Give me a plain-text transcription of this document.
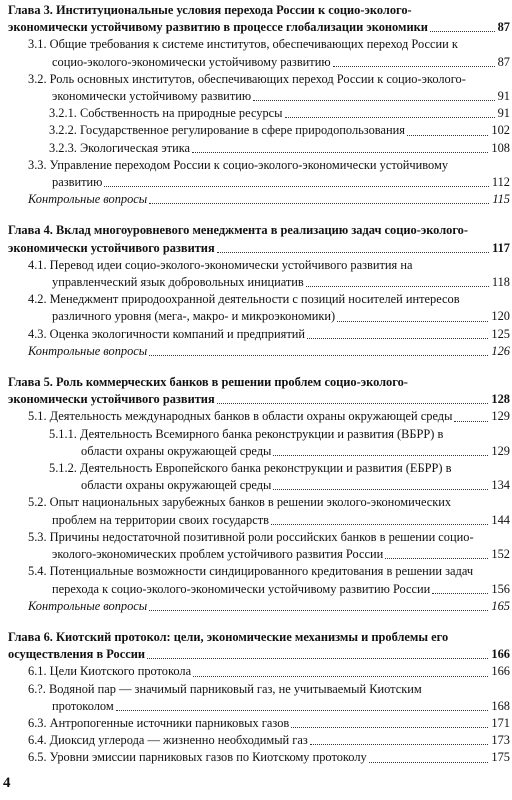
Глава 3. Институциональные условия перехода России к социо-эколого-экономически устойчивому развитию в процессе глобализации экономики	87
3.1. Общие требования к системе институтов, обеспечивающих переход России к социо-эколого-экономически устойчивому развитию	87
3.2. Роль основных институтов, обеспечивающих переход России к социо-эколого-экономически устойчивому развитию	91
3.2.1. Собственность на природные ресурсы	91
3.2.2. Государственное регулирование в сфере природопользования	102
3.2.3. Экологическая этика	108
3.3. Управление переходом России к социо-эколого-экономически устойчивому развитию	112
Контрольные вопросы	115
Глава 4. Вклад многоуровневого менеджмента в реализацию задач социо-эколого-экономически устойчивого развития	117
4.1. Перевод идеи социо-эколого-экономически устойчивого развития на управленческий язык добровольных инициатив	118
4.2. Менеджмент природоохранной деятельности с позиций носителей интересов различного уровня (мега-, макро- и микроэкономики)	120
4.3. Оценка экологичности компаний и предприятий	125
Контрольные вопросы	126
Глава 5. Роль коммерческих банков в решении проблем социо-эколого-экономически устойчивого развития	128
5.1. Деятельность международных банков в области охраны окружающей среды	129
5.1.1. Деятельность Всемирного банка реконструкции и развития (ВБРР) в области охраны окружающей среды	129
5.1.2. Деятельность Европейского банка реконструкции и развития (ЕБРР) в области охраны окружающей среды	134
5.2. Опыт национальных зарубежных банков в решении эколого-экономических проблем на территории своих государств	144
5.3. Причины недостаточной позитивной роли российских банков в решении социо-эколого-экономических проблем устойчивого развития России	152
5.4. Потенциальные возможности синдицированного кредитования в решении задач перехода к социо-эколого-экономически устойчивому развитию России	156
Контрольные вопросы	165
Глава 6. Киотский протокол: цели, экономические механизмы и проблемы его осуществления в России	166
6.1. Цели Киотского протокола	166
6.?. Водяной пар — значимый парниковый газ, не учитываемый Киотским протоколом	168
6.3. Антропогенные источники парниковых газов	171
6.4. Диоксид углерода — жизненно необходимый газ	173
6.5. Уровни эмиссии парниковых газов по Киотскому протоколу	175
4
